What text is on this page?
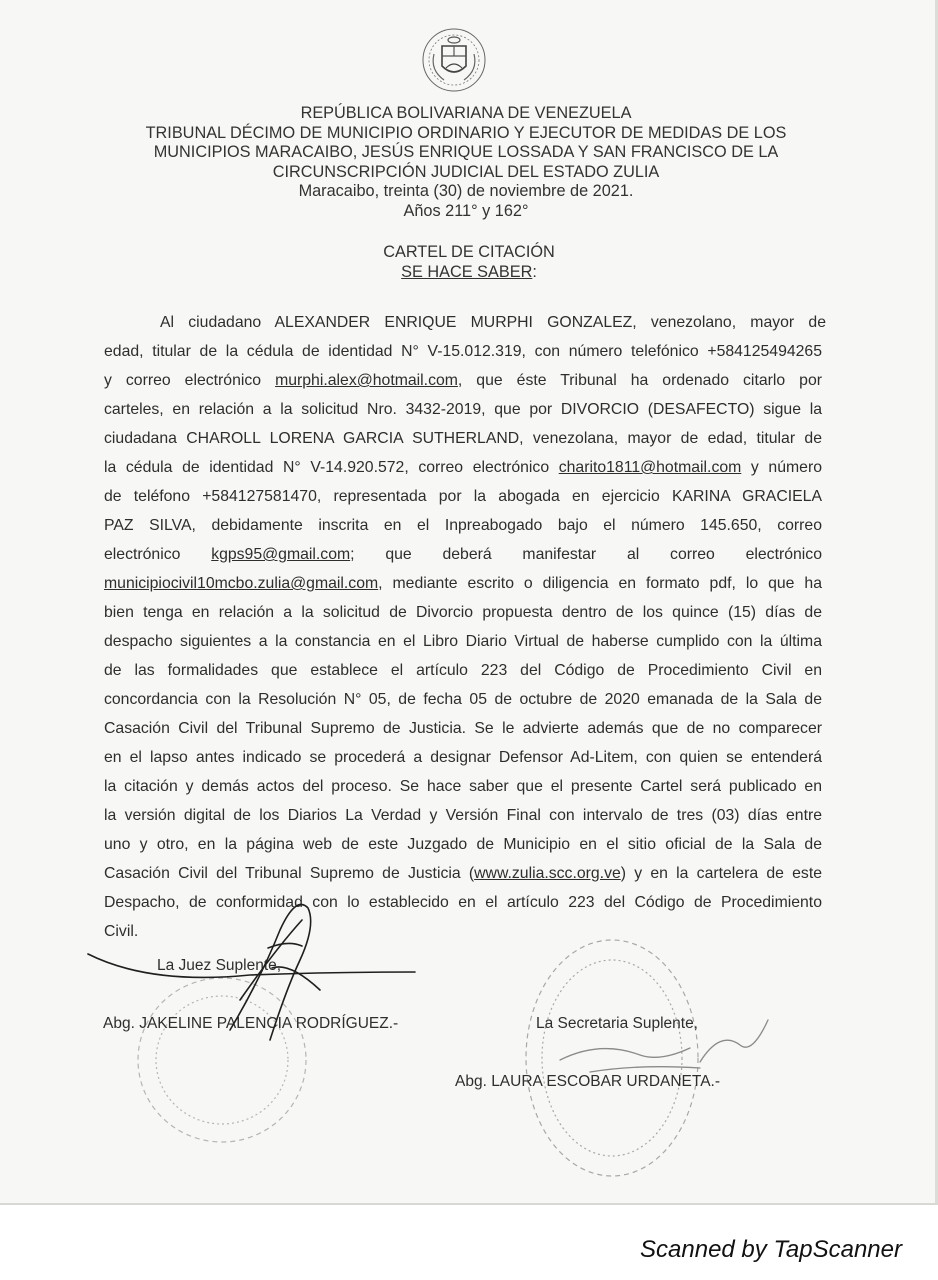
REPÚBLICA BOLIVARIANA DE VENEZUELA
TRIBUNAL DÉCIMO DE MUNICIPIO ORDINARIO Y EJECUTOR DE MEDIDAS DE LOS
MUNICIPIOS MARACAIBO, JESÚS ENRIQUE LOSSADA Y SAN FRANCISCO DE LA
CIRCUNSCRIPCIÓN JUDICIAL DEL ESTADO ZULIA
Maracaibo, treinta (30) de noviembre de 2021.
Años 211° y 162°
CARTEL DE CITACIÓN
SE HACE SABER:
Al ciudadano ALEXANDER ENRIQUE MURPHI GONZALEZ, venezolano, mayor de
edad, titular de la cédula de identidad N° V-15.012.319, con número telefónico +584125494265
y correo electrónico murphi.alex@hotmail.com, que éste Tribunal ha ordenado citarlo por
carteles, en relación a la solicitud Nro. 3432-2019, que por DIVORCIO (DESAFECTO) sigue la
ciudadana CHAROLL LORENA GARCIA SUTHERLAND, venezolana, mayor de edad, titular de
la cédula de identidad N° V-14.920.572, correo electrónico charito1811@hotmail.com y número
de teléfono +584127581470, representada por la abogada en ejercicio KARINA GRACIELA
PAZ SILVA, debidamente inscrita en el Inpreabogado bajo el número 145.650, correo
electrónico kgps95@gmail.com; que deberá manifestar al correo electrónico
municipiocivil10mcbo.zulia@gmail.com, mediante escrito o diligencia en formato pdf, lo que ha
bien tenga en relación a la solicitud de Divorcio propuesta dentro de los quince (15) días de
despacho siguientes a la constancia en el Libro Diario Virtual de haberse cumplido con la última
de las formalidades que establece el artículo 223 del Código de Procedimiento Civil en
concordancia con la Resolución N° 05, de fecha 05 de octubre de 2020 emanada de la Sala de
Casación Civil del Tribunal Supremo de Justicia. Se le advierte además que de no comparecer
en el lapso antes indicado se procederá a designar Defensor Ad-Litem, con quien se entenderá
la citación y demás actos del proceso. Se hace saber que el presente Cartel será publicado en
la versión digital de los Diarios La Verdad y Versión Final con intervalo de tres (03) días entre
uno y otro, en la página web de este Juzgado de Municipio en el sitio oficial de la Sala de
Casación Civil del Tribunal Supremo de Justicia (www.zulia.scc.org.ve) y en la cartelera de este
Despacho, de conformidad con lo establecido en el artículo 223 del Código de Procedimiento
Civil.
La Juez Suplente,
Abg. JAKELINE PALENCIA RODRÍGUEZ.-	La Secretaria Suplente,
Abg. LAURA ESCOBAR URDANETA.-
Scanned by TapScanner
